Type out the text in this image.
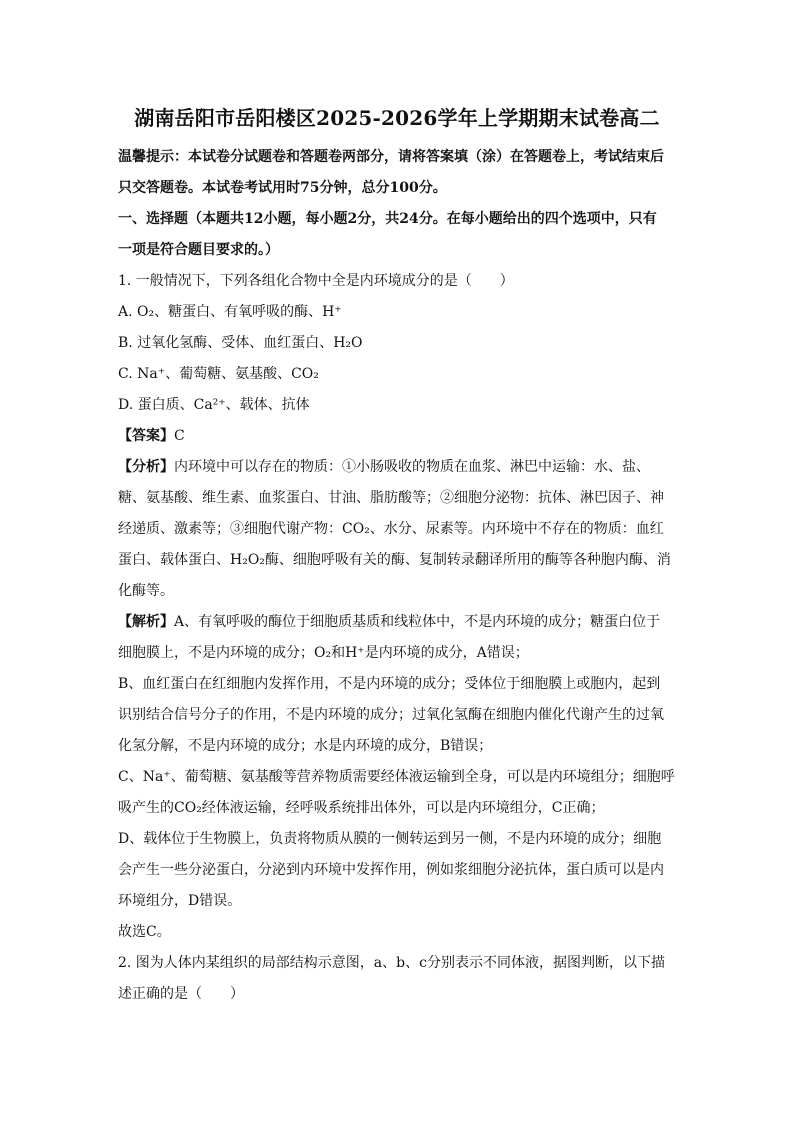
湖南岳阳市岳阳楼区2025-2026学年上学期期末试卷高二
温馨提示：本试卷分试题卷和答题卷两部分，请将答案填（涂）在答题卷上，考试结束后
只交答题卷。本试卷考试用时75分钟，总分100分。
一、选择题（本题共12小题，每小题2分，共24分。在每小题给出的四个选项中，只有
一项是符合题目要求的。）
1. 一般情况下，下列各组化合物中全是内环境成分的是（　　）
A. O₂、糖蛋白、有氧呼吸的酶、H⁺
B. 过氧化氢酶、受体、血红蛋白、H₂O
C. Na⁺、葡萄糖、氨基酸、CO₂
D. 蛋白质、Ca²⁺、载体、抗体
【答案】C
【分析】内环境中可以存在的物质：①小肠吸收的物质在血浆、淋巴中运输：水、盐、
糖、氨基酸、维生素、血浆蛋白、甘油、脂肪酸等；②细胞分泌物：抗体、淋巴因子、神
经递质、激素等；③细胞代谢产物：CO₂、水分、尿素等。内环境中不存在的物质：血红
蛋白、载体蛋白、H₂O₂酶、细胞呼吸有关的酶、复制转录翻译所用的酶等各种胞内酶、消
化酶等。
【解析】A、有氧呼吸的酶位于细胞质基质和线粒体中，不是内环境的成分；糖蛋白位于
细胞膜上，不是内环境的成分；O₂和H⁺是内环境的成分，A错误；
B、血红蛋白在红细胞内发挥作用，不是内环境的成分；受体位于细胞膜上或胞内，起到
识别结合信号分子的作用，不是内环境的成分；过氧化氢酶在细胞内催化代谢产生的过氧
化氢分解，不是内环境的成分；水是内环境的成分，B错误；
C、Na⁺、葡萄糖、氨基酸等营养物质需要经体液运输到全身，可以是内环境组分；细胞呼
吸产生的CO₂经体液运输，经呼吸系统排出体外，可以是内环境组分，C正确；
D、载体位于生物膜上，负责将物质从膜的一侧转运到另一侧，不是内环境的成分；细胞
会产生一些分泌蛋白，分泌到内环境中发挥作用，例如浆细胞分泌抗体，蛋白质可以是内
环境组分，D错误。
故选C。
2. 图为人体内某组织的局部结构示意图，a、b、c分别表示不同体液，据图判断，以下描
述正确的是（　　）
